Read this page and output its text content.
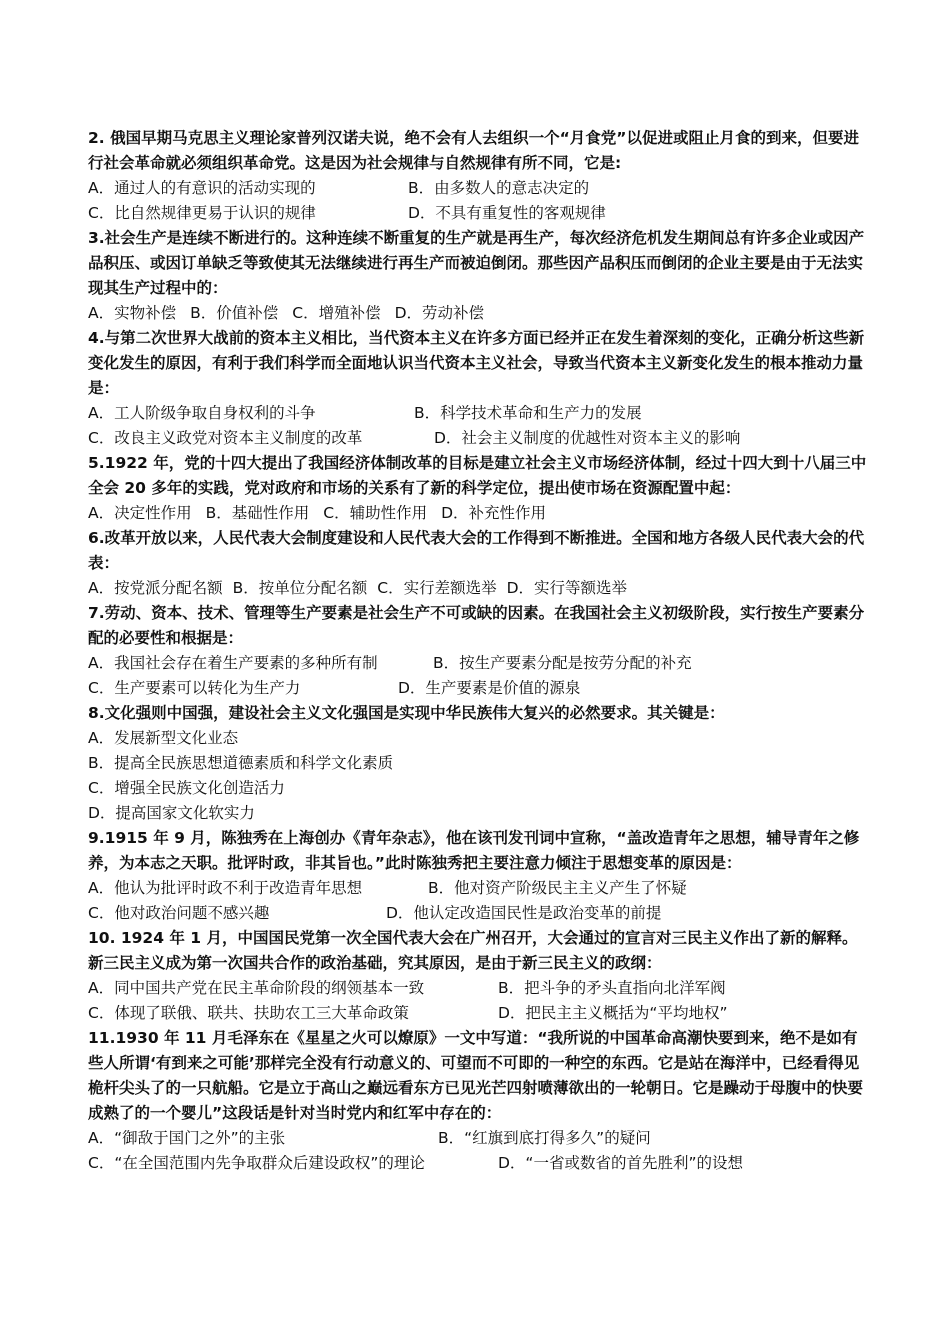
2. 俄国早期马克思主义理论家普列汉诺夫说，绝不会有人去组织一个“月食党”以促进或阻止月食的到来，但要进行社会革命就必须组织革命党。这是因为社会规律与自然规律有所不同，它是:
A．通过人的有意识的活动实现的	B．由多数人的意志决定的
C．比自然规律更易于认识的规律	D．不具有重复性的客观规律
3.社会生产是连续不断进行的。这种连续不断重复的生产就是再生产，每次经济危机发生期间总有许多企业或因产品积压、或因订单缺乏等致使其无法继续进行再生产而被迫倒闭。那些因产品积压而倒闭的企业主要是由于无法实现其生产过程中的：
A．实物补偿 B．价值补偿 C．增殖补偿 D．劳动补偿
4.与第二次世界大战前的资本主义相比，当代资本主义在许多方面已经并正在发生着深刻的变化，正确分析这些新变化发生的原因，有利于我们科学而全面地认识当代资本主义社会，导致当代资本主义新变化发生的根本推动力量是：
A．工人阶级争取自身权利的斗争	B．科学技术革命和生产力的发展
C．改良主义政党对资本主义制度的改革	D．社会主义制度的优越性对资本主义的影响
5.1922 年，党的十四大提出了我国经济体制改革的目标是建立社会主义市场经济体制，经过十四大到十八届三中全会 20 多年的实践，党对政府和市场的关系有了新的科学定位，提出使市场在资源配置中起：
A．决定性作用 B．基础性作用 C．辅助性作用 D．补充性作用
6.改革开放以来，人民代表大会制度建设和人民代表大会的工作得到不断推进。全国和地方各级人民代表大会的代表：
A．按党派分配名额 B．按单位分配名额 C．实行差额选举 D．实行等额选举
7.劳动、资本、技术、管理等生产要素是社会生产不可或缺的因素。在我国社会主义初级阶段，实行按生产要素分配的必要性和根据是：
A．我国社会存在着生产要素的多种所有制	B．按生产要素分配是按劳分配的补充
C．生产要素可以转化为生产力	D．生产要素是价值的源泉
8.文化强则中国强，建设社会主义文化强国是实现中华民族伟大复兴的必然要求。其关键是：
A．发展新型文化业态
B．提高全民族思想道德素质和科学文化素质
C．增强全民族文化创造活力
D．提高国家文化软实力
9.1915 年 9 月，陈独秀在上海创办《青年杂志》，他在该刊发刊词中宣称，“盖改造青年之思想，辅导青年之修养，为本志之天职。批评时政，非其旨也。”此时陈独秀把主要注意力倾注于思想变革的原因是：
A．他认为批评时政不利于改造青年思想	B．他对资产阶级民主主义产生了怀疑
C．他对政治问题不感兴趣	D．他认定改造国民性是政治变革的前提
10. 1924 年 1 月，中国国民党第一次全国代表大会在广州召开，大会通过的宣言对三民主义作出了新的解释。新三民主义成为第一次国共合作的政治基础，究其原因，是由于新三民主义的政纲：
A．同中国共产党在民主革命阶段的纲领基本一致	B．把斗争的矛头直指向北洋军阀
C．体现了联俄、联共、扶助农工三大革命政策	D．把民主主义概括为“平均地权”
11.1930 年 11 月毛泽东在《星星之火可以燎原》一文中写道：“我所说的中国革命高潮快要到来，绝不是如有些人所谓‘有到来之可能’那样完全没有行动意义的、可望而不可即的一种空的东西。它是站在海洋中，已经看得见桅杆尖头了的一只航船。它是立于高山之巅远看东方已见光芒四射喷薄欲出的一轮朝日。它是躁动于母腹中的快要成熟了的一个婴儿”这段话是针对当时党内和红军中存在的：
A．“御敌于国门之外”的主张	B．“红旗到底打得多久”的疑问
C．“在全国范围内先争取群众后建设政权”的理论	D．“一省或数省的首先胜利”的设想
